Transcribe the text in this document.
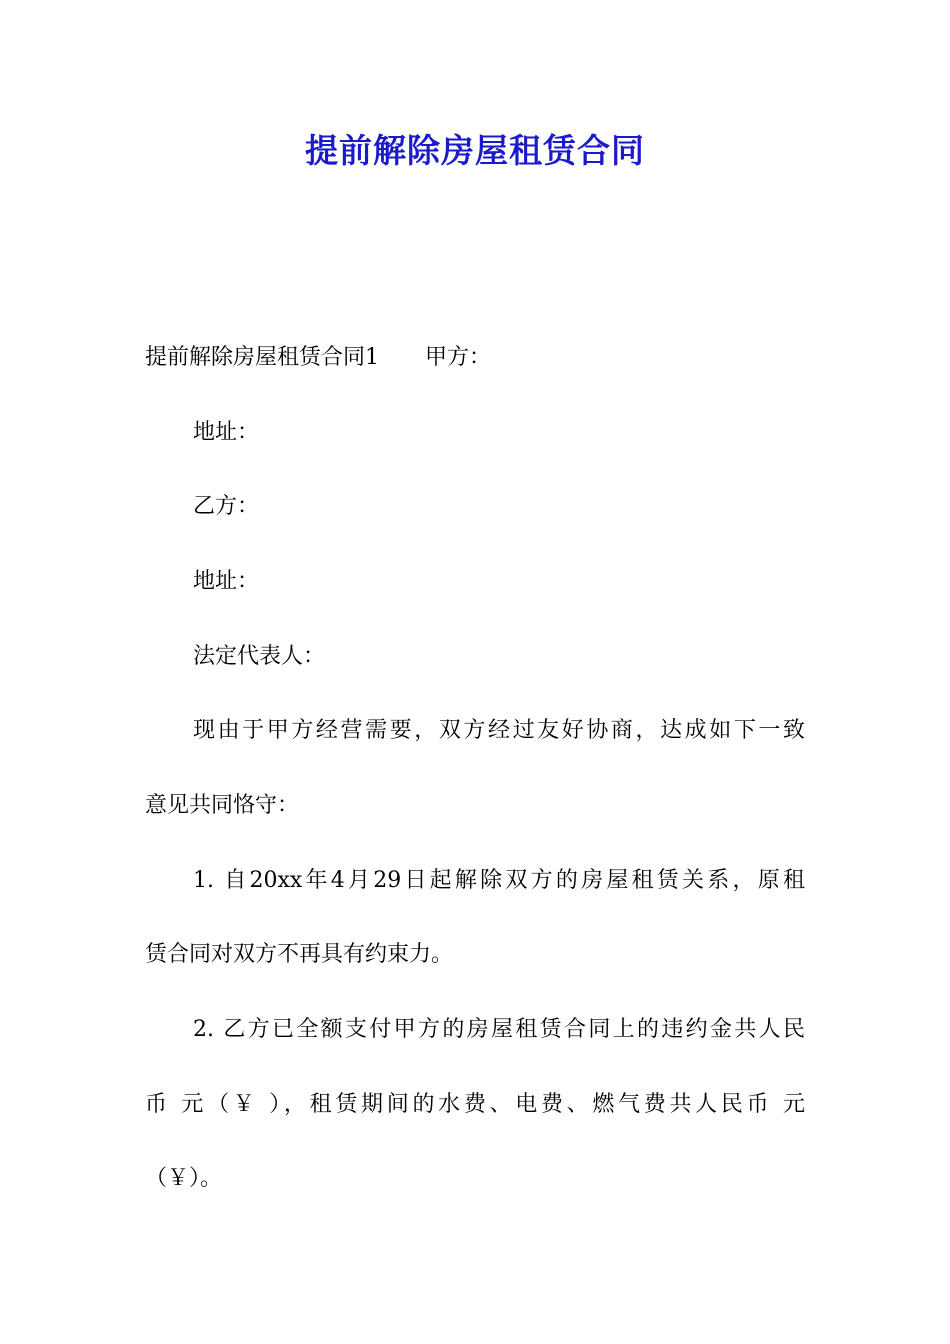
提前解除房屋租赁合同
提前解除房屋租赁合同1 甲方：
地址：
乙方：
地址：
法定代表人：
现由于甲方经营需要，双方经过友好协商，达成如下一致
意见共同恪守：
1. 自20xx年4月29日起解除双方的房屋租赁关系，原租
赁合同对双方不再具有约束力。
2. 乙方已全额支付甲方的房屋租赁合同上的违约金共人民
币 元（￥ ），租赁期间的水费、电费、燃气费共人民币 元
（￥）。
